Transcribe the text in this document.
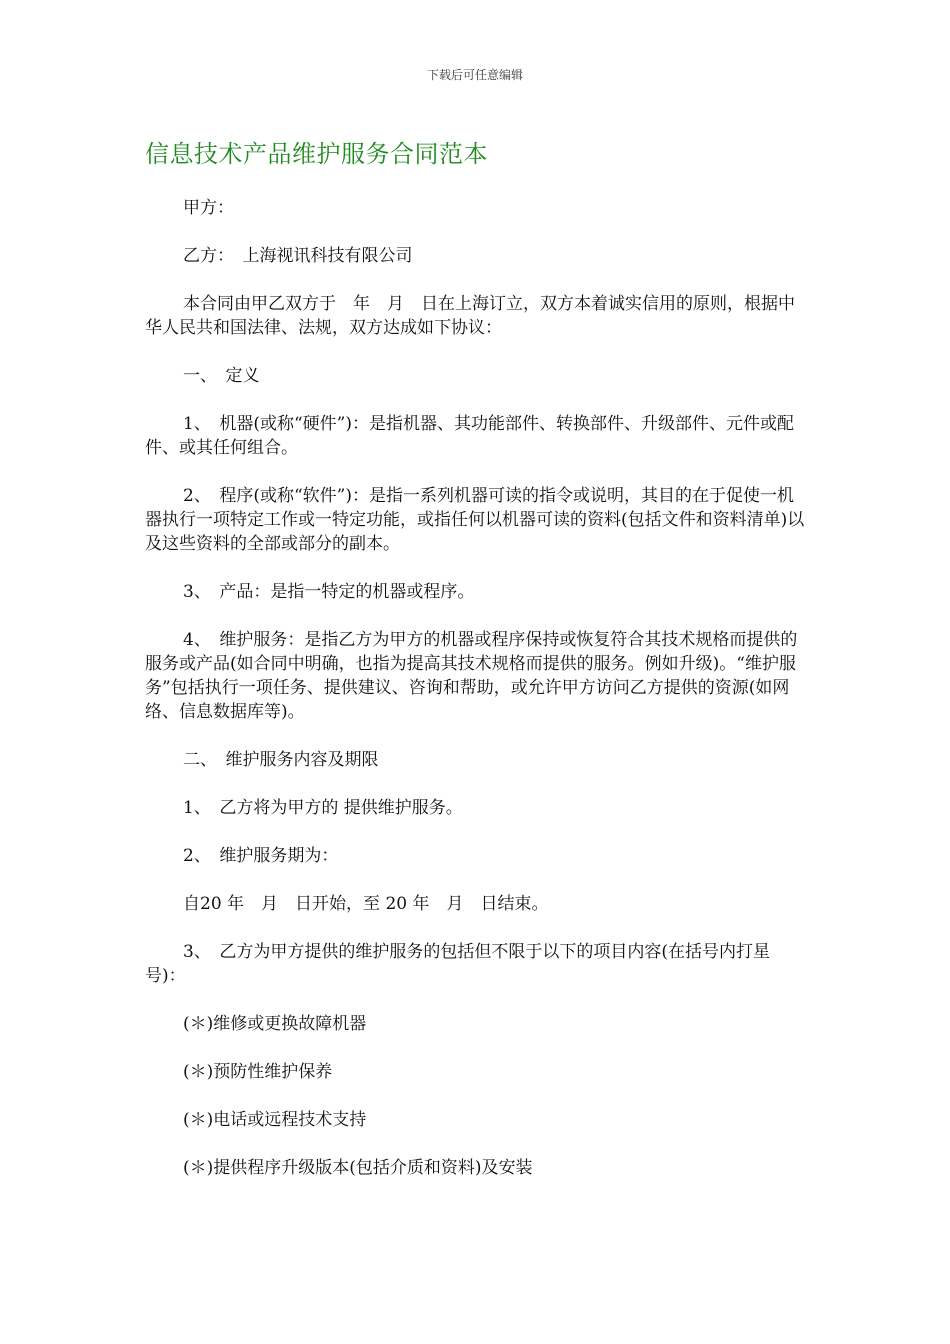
下载后可任意编辑
信息技术产品维护服务合同范本

甲方：

乙方：　上海视讯科技有限公司

本合同由甲乙双方于　年　月　日在上海订立，双方本着诚实信用的原则，根据中华人民共和国法律、法规，双方达成如下协议：

一、　定义

1、　机器(或称“硬件”)：是指机器、其功能部件、转换部件、升级部件、元件或配件、或其任何组合。

2、　程序(或称“软件”)：是指一系列机器可读的指令或说明，其目的在于促使一机器执行一项特定工作或一特定功能，或指任何以机器可读的资料(包括文件和资料清单)以及这些资料的全部或部分的副本。

3、　产品：是指一特定的机器或程序。

4、　维护服务：是指乙方为甲方的机器或程序保持或恢复符合其技术规格而提供的服务或产品(如合同中明确，也指为提高其技术规格而提供的服务。例如升级)。“维护服务”包括执行一项任务、提供建议、咨询和帮助，或允许甲方访问乙方提供的资源(如网络、信息数据库等)。

二、　维护服务内容及期限

1、　乙方将为甲方的 提供维护服务。

2、　维护服务期为：

自20 年　月　日开始，至 20 年　月　日结束。

3、　乙方为甲方提供的维护服务的包括但不限于以下的项目内容(在括号内打星号)：

(＊)维修或更换故障机器

(＊)预防性维护保养

(＊)电话或远程技术支持

(＊)提供程序升级版本(包括介质和资料)及安装
